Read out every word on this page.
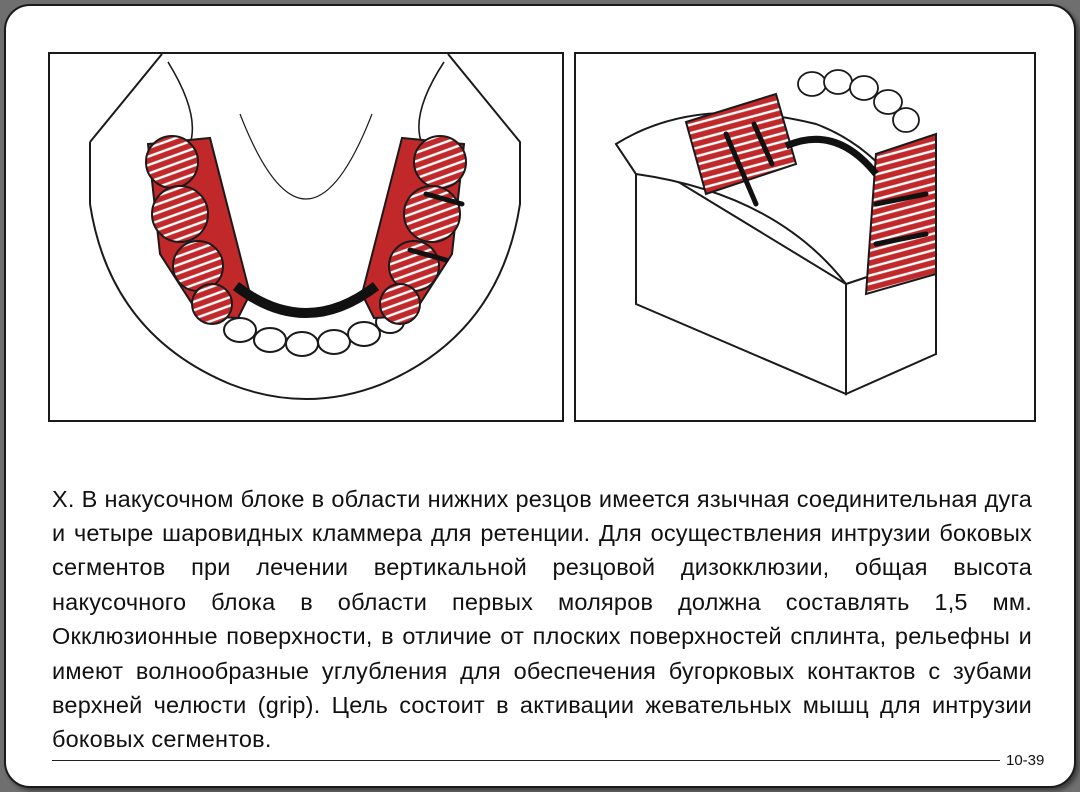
X. В накусочном блоке в области нижних резцов имеется язычная соединительная дуга и четыре шаровидных кламмера для ретенции. Для осуществления интрузии боковых сегментов при лечении вертикальной резцовой дизокклюзии, общая высота накусочного блока в области первых моляров должна составлять 1,5 мм. Окклюзионные поверхности, в отличие от плоских поверхностей сплинта, рельефны и имеют волнообразные углубления для обеспечения бугорковых контактов с зубами верхней челюсти (grip). Цель состоит в активации жевательных мышц для интрузии боковых сегментов.

10-39
